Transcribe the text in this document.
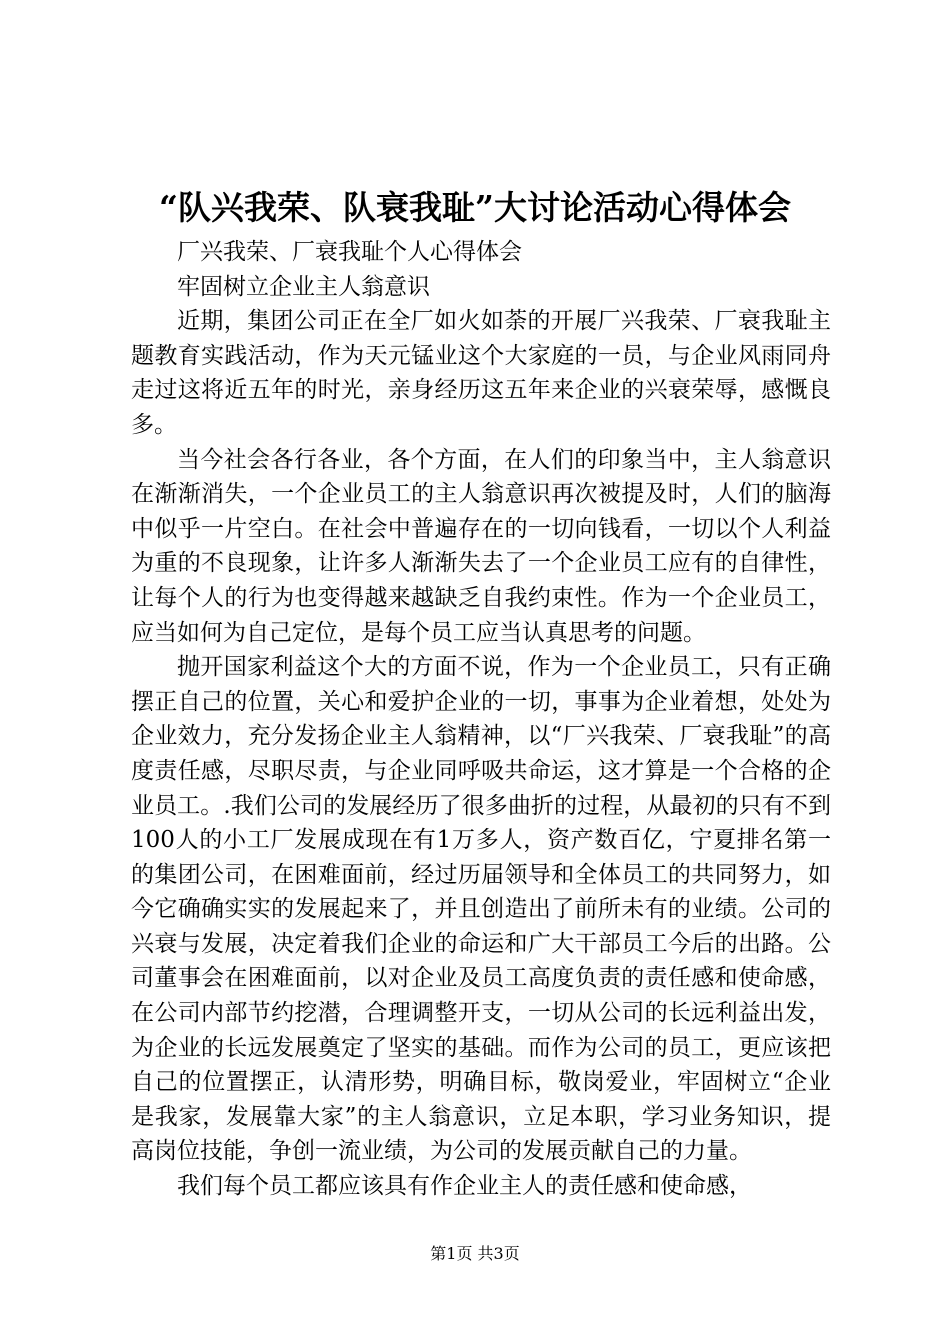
“队兴我荣、队衰我耻”大讨论活动心得体会

厂兴我荣、厂衰我耻个人心得体会

牢固树立企业主人翁意识

近期，集团公司正在全厂如火如荼的开展厂兴我荣、厂衰我耻主题教育实践活动，作为天元锰业这个大家庭的一员，与企业风雨同舟走过这将近五年的时光，亲身经历这五年来企业的兴衰荣辱，感慨良多。

当今社会各行各业，各个方面，在人们的印象当中，主人翁意识在渐渐消失，一个企业员工的主人翁意识再次被提及时，人们的脑海中似乎一片空白。在社会中普遍存在的一切向钱看，一切以个人利益为重的不良现象，让许多人渐渐失去了一个企业员工应有的自律性，让每个人的行为也变得越来越缺乏自我约束性。作为一个企业员工，应当如何为自己定位，是每个员工应当认真思考的问题。

抛开国家利益这个大的方面不说，作为一个企业员工，只有正确摆正自己的位置，关心和爱护企业的一切，事事为企业着想，处处为企业效力，充分发扬企业主人翁精神，以“厂兴我荣、厂衰我耻”的高度责任感，尽职尽责，与企业同呼吸共命运，这才算是一个合格的企业员工。.我们公司的发展经历了很多曲折的过程，从最初的只有不到100人的小工厂发展成现在有1万多人，资产数百亿，宁夏排名第一的集团公司，在困难面前，经过历届领导和全体员工的共同努力，如今它确确实实的发展起来了，并且创造出了前所未有的业绩。公司的兴衰与发展，决定着我们企业的命运和广大干部员工今后的出路。公司董事会在困难面前，以对企业及员工高度负责的责任感和使命感，在公司内部节约挖潜，合理调整开支，一切从公司的长远利益出发，为企业的长远发展奠定了坚实的基础。而作为公司的员工，更应该把自己的位置摆正，认清形势，明确目标，敬岗爱业，牢固树立“企业是我家，发展靠大家”的主人翁意识，立足本职，学习业务知识，提高岗位技能，争创一流业绩，为公司的发展贡献自己的力量。

我们每个员工都应该具有作企业主人的责任感和使命感，

第1页 共3页
